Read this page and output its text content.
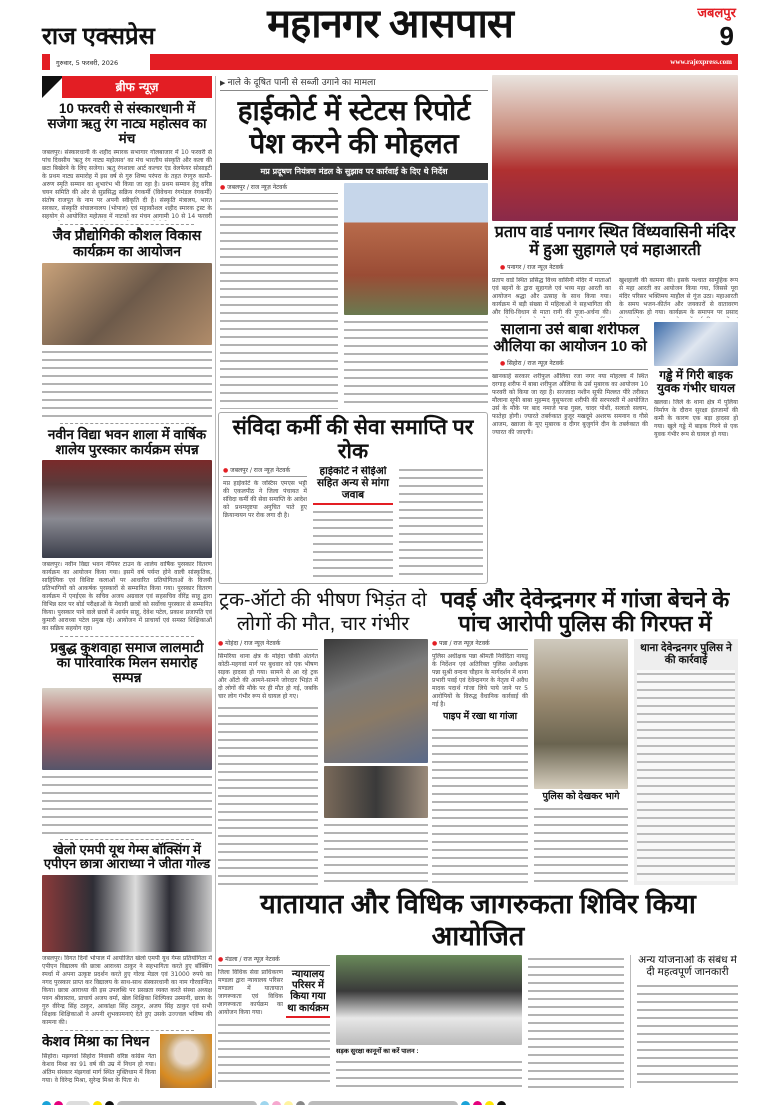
राज एक्सप्रेस
गुरुवार, 5 फरवरी, 2026	www.rajexpress.com
महानगर आसपास	जबलपुर
9
ब्रीफ न्यूज़
10 फरवरी से संस्कारधानी में सजेगा ऋतु रंग नाट्य महोत्सव का मंच
जबलपुर। संस्कारधानी के शहीद स्मारक सभागार गोलबाजार में 10 फरवरी से पांच दिवसीय 'ऋतु रंग नाट्य महोत्सव' का मंच भारतीय संस्कृति और कला की छटा बिखेरने के लिए सजेगा। ऋतु रंगशाला आर्ट कल्चर एंड वेलफेयर सोसाइटी के प्रथम नाट्य समारोह में इस वर्ष से गुरु शिष्य परंपरा के तहत रंगगुरु कामौ-अरुण स्मृति सम्मान का शुभारंभ भी किया जा रहा है। प्रथम सम्मान हेतु वरिष्ठ चयन समिति की ओर से सुप्रसिद्ध सक्रिय रंगकर्मी (विवेचना रंगमंडल रंगकर्मी) संतोष राजपूत के नाम पर अपनी स्वीकृति दी है। संस्कृति मंत्रालय, भारत सरकार, संस्कृति संचालनालय (भोपाल) एवं महाकौशल शहीद स्मारक ट्रस्ट के सहयोग से आयोजित महोत्सव में नाटकों का मंचन आगामी 10 से 14 फरवरी
जैव प्रौद्योगिकी कौशल विकास कार्यक्रम का आयोजन
नवीन विद्या भवन शाला में वार्षिक शालेय पुरस्कार कार्यक्रम संपन्न
जबलपुर। नवीन विद्या भवन नेपियर टाउन के शालेय वार्षिक पुरस्कार वितरण कार्यक्रम का आयोजन किया गया। इसमें वर्ष पर्यन्त होने वाली सांस्कृतिक, साहित्यिक एवं विशिष्ट कलाओं पर आधारित प्रतियोगिताओं के विजयी प्रतिभागियों को आकर्षक पुरस्कारों से सम्मानित किया गया। पुरस्कार वितरण कार्यक्रम में एनईएस के सचिव अजय अग्रवाल एवं सहसचिव वीरेंद्र साहू द्वारा विभिन्न स्तर पर बोर्ड परीक्षाओं के मेधावी छात्रों को सर्वोच्च पुरस्कार से सम्मानित किया। पुरस्कार पाने वाले छात्रों में आर्यन साहू, देवेश पटेल, प्रकाश प्रजापति एवं कुमारी आराध्या पटेल प्रमुख रहे। आयोजन में प्राचार्या एवं समस्त शिक्षिकाओं का सक्रिय सहयोग रहा।
प्रबुद्ध कुशवाहा समाज लालमाटी का पारिवारिक मिलन समारोह सम्पन्न
खेलो एमपी यूथ गेम्स बॉक्सिंग में एपीएन छात्रा आराध्या ने जीता गोल्ड
जबलपुर। विगत दिनों भोपाल में आयोजित खेलो एमपी यूथ गेम्स प्रतियोगिता में एपीएन विद्यालय की छात्रा आराध्या ठाकुर ने सहभागिता करते हुए बॉक्सिंग स्पर्धा में अपना उत्कृष्ट प्रदर्शन करते हुए गोल्ड मेडल एवं 31000 रुपये का नगद पुरस्कार प्राप्त कर विद्यालय के साथ-साथ संस्कारधानी का नाम गौरवान्वित किया। छात्रा आराध्या की इस उपलब्धि पर प्रसन्नता व्यक्त करते संस्था अध्यक्ष पवन श्रीवास्तव, प्राचार्य अजय वर्मा, खेल शिक्षिका शिल्पिका उस्मानी, छात्रा के गुरु वीरेन्द्र सिंह ठाकुर, आकांक्षा सिंह ठाकुर, अजय सिंह ठाकुर एवं सभी शिक्षक शिक्षिकाओं ने अपनी शुभकामनाएं देते हुए उसके उज्ज्वल भविष्य की कामना की।
केशव मिश्रा का निधन
सिहोरा। मझगवां सिहोरा निवासी वरिष्ठ कांग्रेस नेता केशव मिश्रा का 91 वर्ष की उम्र में निधन हो गया। अंतिम संस्कार मंझगवां मार्ग स्थित मुक्तिधाम में किया गया। वे विरेन्द्र मिश्रा, सुरेन्द्र मिश्रा के पिता थे।
▶ नाले के दूषित पानी से सब्जी उगाने का मामला
हाईकोर्ट में स्टेटस रिपोर्ट पेश करने की मोहलत
मप्र प्रदूषण नियंत्रण मंडल के सुझाव पर कार्रवाई के दिए थे निर्देश
● जबलपुर / राज न्यूज़ नेटवर्क
प्रताप वार्ड पनागर स्थित विंध्यवासिनी मंदिर में हुआ सुहागले एवं महाआरती
● पनागर / राज न्यूज़ नेटवर्क
प्रताप वार्ड स्थित प्रसिद्ध विंध्य वासिनी मंदिर में माताओं एवं बहनों के द्वारा सुहागले एवं भव्य महा आरती का आयोजन श्रद्धा और उत्साह के साथ किया गया। कार्यक्रम में बड़ी संख्या में महिलाओं ने सहभागिता की और विधि-विधान से माता रानी की पूजा-अर्चना की। खुशहाली की कामना की। इसके पश्चात सामूहिक रूप से महा आरती का आयोजन किया गया, जिससे पूरा मंदिर परिसर भक्तिमय माहौल से गूंज उठा। महाआरती के समय भजन-कीर्तन और जयकारों से वातावरण आध्यात्मिक हो गया। कार्यक्रम के समापन पर प्रसाद
सालाना उर्स बाबा शरीफल औलिया का आयोजन 10 को
● सिहोरा / राज न्यूज़ नेटवर्क
खानकाहे सरकार शरीफुल औलिया रजा नगर नया मोहल्ला में स्थित दरगाह शरीफ में बाबा शरीफुल औलिया के उर्स मुबारक का आयोजन 10 फरवरी को किया जा रहा है। सज्जादा नशीन सूफी मिल्लत पीरे तरीकत मौलाना सूफी बाबा मुहम्मद युसुफरजा शरीफी की सरपरस्ती में आयोजित उर्स के मौके पर बाद नमाजे फज्र गुस्ल, चादर पोशी, सलातो सलाम, फातेहा होगी। ज्यारते तबर्रुकात हुजूर मखदूमे अशरफ समनान व गौसे आजम, ख्वाजा के मूए मुबारक व दीगर बुजुर्गाने दीन के तबर्रुकात की ज्यारत की जाएगी।
गड्ढे में गिरी बाइक युवक गंभीर घायल
खलवा। जिले के थाना क्षेत्र में पुलिया निर्माण के दौरान सुरक्षा इंतजामों की कमी के कारण एक बड़ा हादसा हो गया। खुले गड्ढे में बाइक गिरने से एक युवक गंभीर रूप से घायल हो गया।
संविदा कर्मी की सेवा समाप्ति पर रोक
● जबलपुर / राज न्यूज़ नेटवर्क
मप्र हाईकोर्ट के जस्टिस एमएस भट्टी की एकलपीठ ने जिला पंचायत में संविदा कर्मी की सेवा समाप्ति के आदेश को प्रथमदृष्टया अनुचित पाते हुए क्रियान्वयन पर रोक लगा दी है।
हाईकोर्ट ने सीईओ सहित अन्य से मांगा जवाब
ट्रक-ऑटो की भीषण भिड़ंत दो लोगों की मौत, चार गंभीर
● मोहंदा / राज न्यूज़ नेटवर्क
सिमरिया थाना क्षेत्र के मोहंदा चौकी अंतर्गत कोठी-महगवां मार्ग पर बुधवार को एक भीषण सड़क हादसा हो गया। सामने से आ रहे ट्रक और ऑटो की आमने-सामने जोरदार भिड़ंत में दो लोगों की मौके पर ही मौत हो गई, जबकि चार लोग गंभीर रूप से घायल हो गए।
पवई और देवेन्द्रनगर में गांजा बेचने के पांच आरोपी पुलिस की गिरफ्त में
● पन्ना / राज न्यूज़ नेटवर्क
पुलिस अधीक्षक पन्ना श्रीमती निवेदिता नायडू के निर्देशन एवं अतिरिक्त पुलिस अधीक्षक पन्ना सुश्री वन्दना चौहान के मार्गदर्शन में थाना प्रभारी पवई एवं देवेन्द्रनगर के नेतृत्व में अवैध मादक पदार्थ गांजा लिये पाये जाने पर 5 आरोपियों के विरुद्ध वैधानिक कार्रवाई की गई है।
पाइप में रखा था गांजा
पुलिस को देखकर भागे
थाना देवेन्द्रनगर पुलिस ने की कार्रवाई
यातायात और विधिक जागरुकता शिविर किया आयोजित
● मंडला / राज न्यूज़ नेटवर्क
जिला विधिक सेवा प्राधिकरण मण्डला द्वारा न्यायालय परिसर मण्डला में यातायात जागरूकता एवं विधिक जागरूकता कार्यक्रम का आयोजन किया गया।
न्यायालय परिसर में किया गया था कार्यक्रम
सड़क सुरक्षा कानूनों का करें पालन :
अन्य योजनाओं के संबंध में दी महत्वपूर्ण जानकारी
